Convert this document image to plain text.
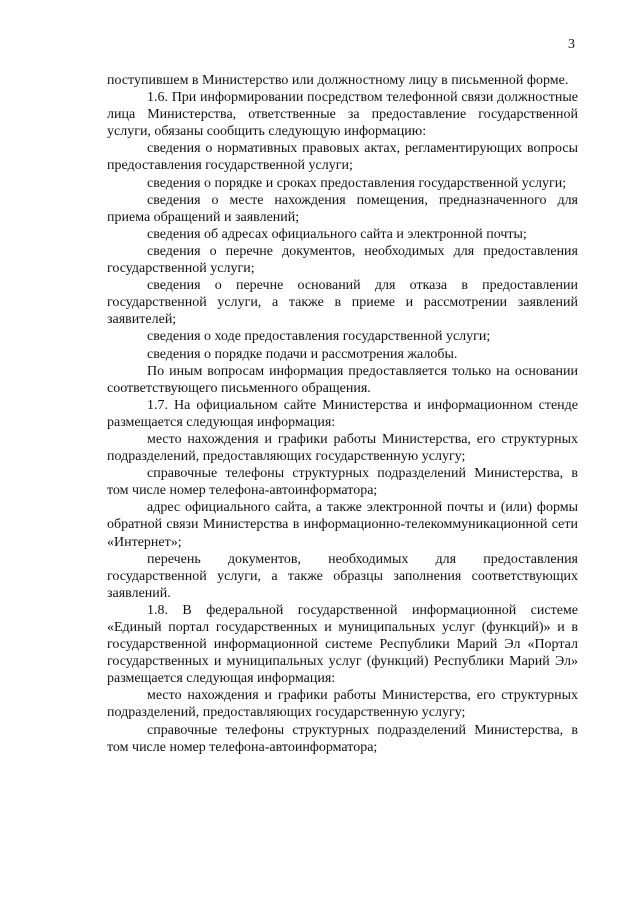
3

поступившем в Министерство или должностному лицу в письменной форме.

1.6. При информировании посредством телефонной связи должностные лица Министерства, ответственные за предоставление государственной услуги, обязаны сообщить следующую информацию:

сведения о нормативных правовых актах, регламентирующих вопросы предоставления государственной услуги;

сведения о порядке и сроках предоставления государственной услуги;

сведения о месте нахождения помещения, предназначенного для приема обращений и заявлений;

сведения об адресах официального сайта и электронной почты;

сведения о перечне документов, необходимых для предоставления государственной услуги;

сведения о перечне оснований для отказа в предоставлении государственной услуги, а также в приеме и рассмотрении заявлений заявителей;

сведения о ходе предоставления государственной услуги;

сведения о порядке подачи и рассмотрения жалобы.

По иным вопросам информация предоставляется только на основании соответствующего письменного обращения.

1.7. На официальном сайте Министерства и информационном стенде размещается следующая информация:

место нахождения и графики работы Министерства, его структурных подразделений, предоставляющих государственную услугу;

справочные телефоны структурных подразделений Министерства, в том числе номер телефона-автоинформатора;

адрес официального сайта, а также электронной почты и (или) формы обратной связи Министерства в информационно-телекоммуникационной сети «Интернет»;

перечень документов, необходимых для предоставления государственной услуги, а также образцы заполнения соответствующих заявлений.

1.8. В федеральной государственной информационной системе «Единый портал государственных и муниципальных услуг (функций)» и в государственной информационной системе Республики Марий Эл «Портал государственных и муниципальных услуг (функций) Республики Марий Эл» размещается следующая информация:

место нахождения и графики работы Министерства, его структурных подразделений, предоставляющих государственную услугу;

справочные телефоны структурных подразделений Министерства, в том числе номер телефона-автоинформатора;
